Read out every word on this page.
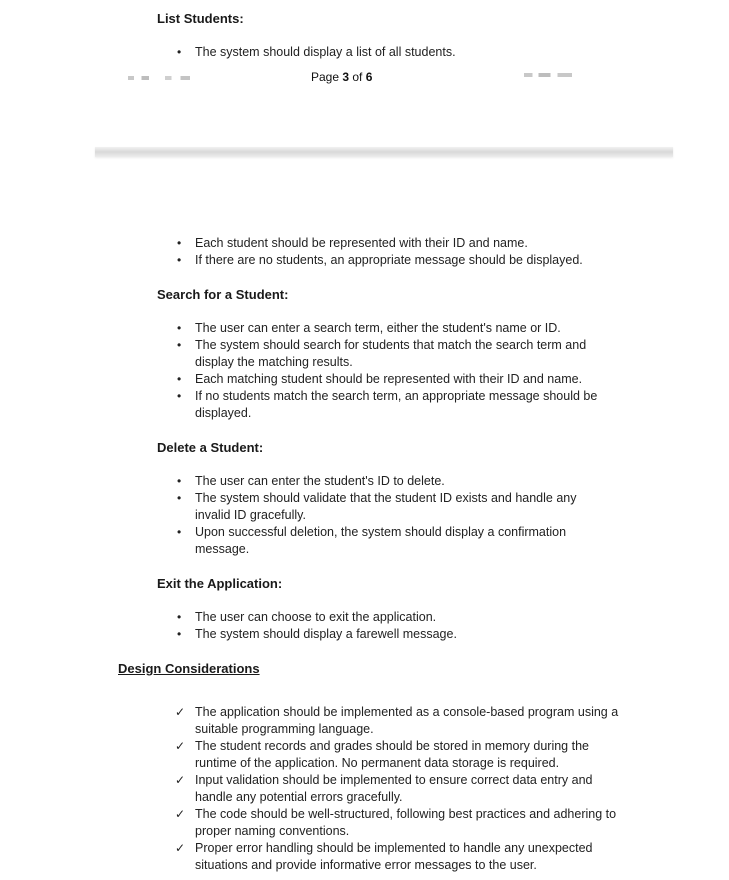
List Students:
• The system should display a list of all students.
Page 3 of 6
• Each student should be represented with their ID and name.
• If there are no students, an appropriate message should be displayed.
Search for a Student:
• The user can enter a search term, either the student's name or ID.
• The system should search for students that match the search term and display the matching results.
• Each matching student should be represented with their ID and name.
• If no students match the search term, an appropriate message should be displayed.
Delete a Student:
• The user can enter the student's ID to delete.
• The system should validate that the student ID exists and handle any invalid ID gracefully.
• Upon successful deletion, the system should display a confirmation message.
Exit the Application:
• The user can choose to exit the application.
• The system should display a farewell message.
Design Considerations
✓ The application should be implemented as a console-based program using a suitable programming language.
✓ The student records and grades should be stored in memory during the runtime of the application. No permanent data storage is required.
✓ Input validation should be implemented to ensure correct data entry and handle any potential errors gracefully.
✓ The code should be well-structured, following best practices and adhering to proper naming conventions.
✓ Proper error handling should be implemented to handle any unexpected situations and provide informative error messages to the user.
